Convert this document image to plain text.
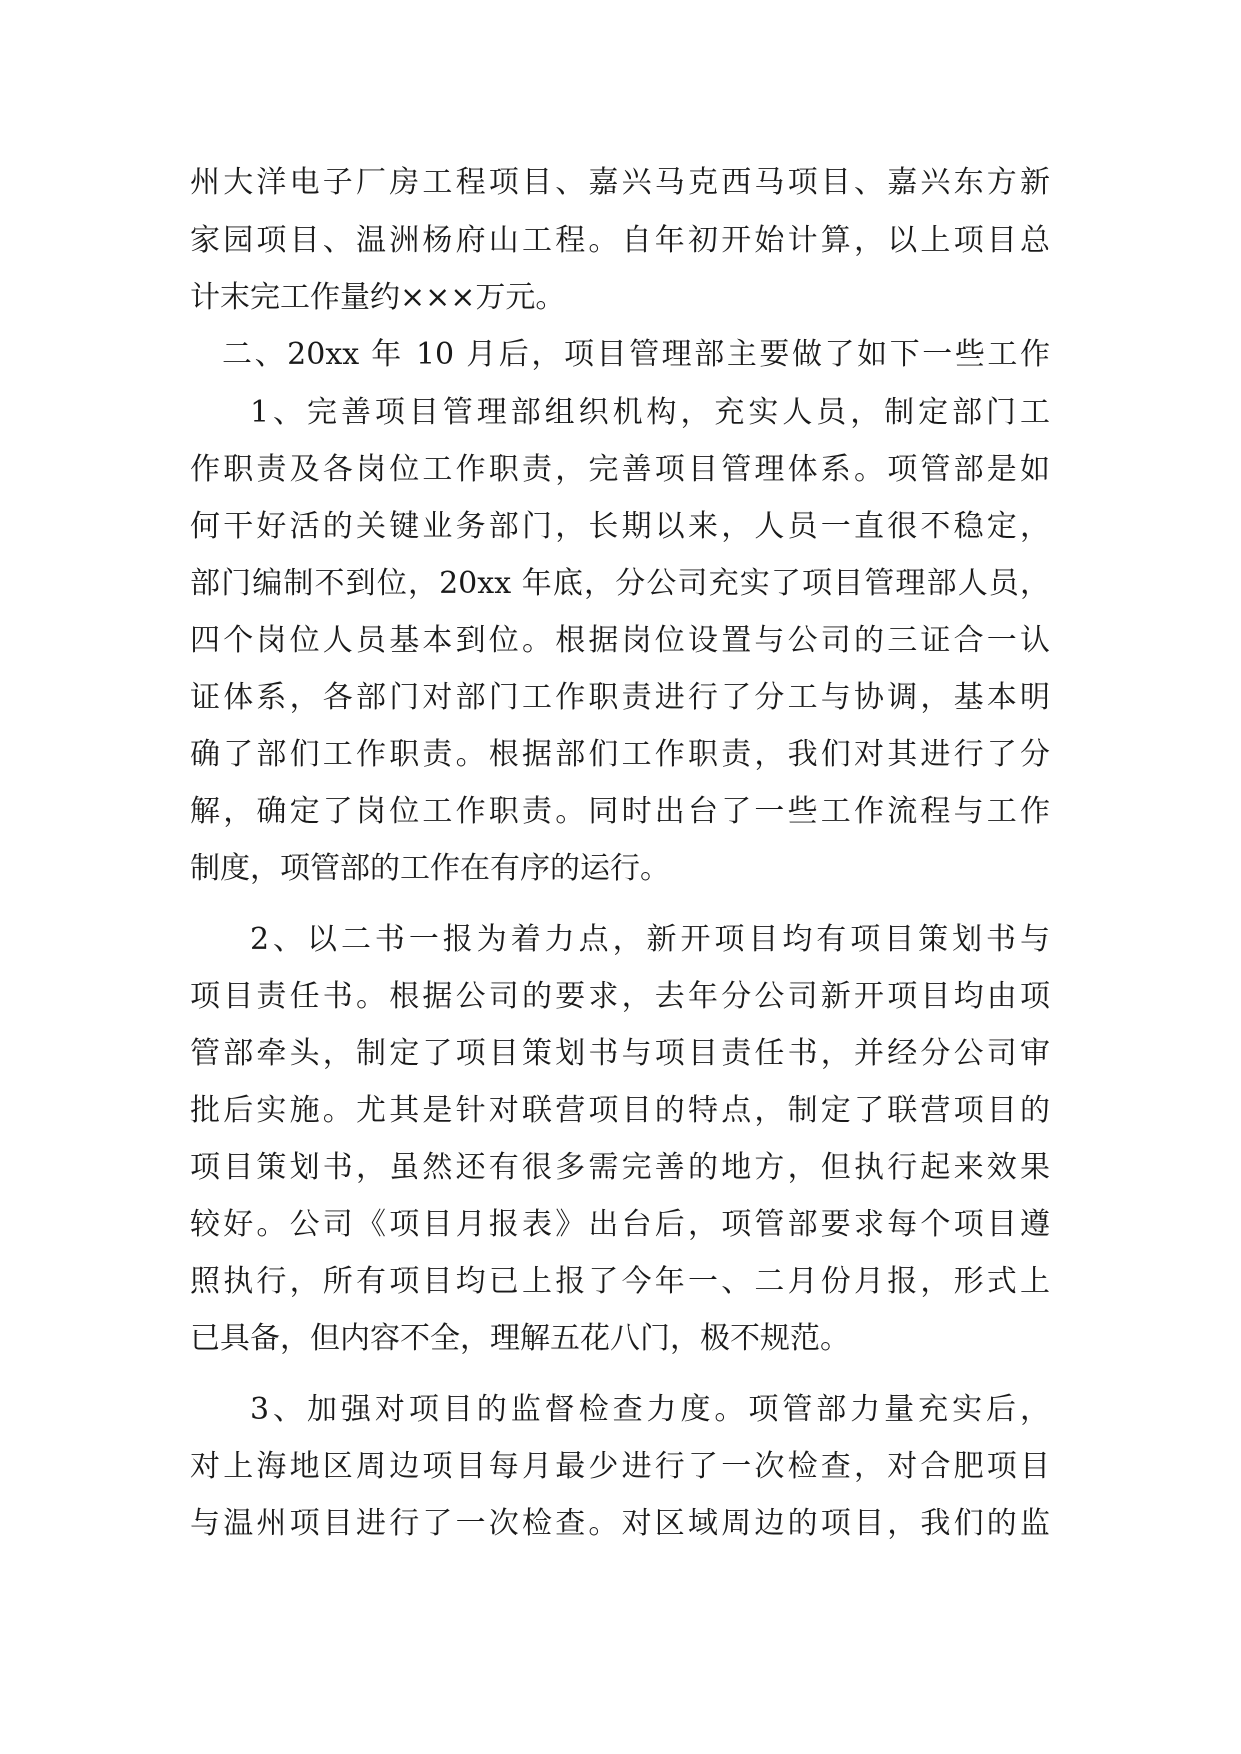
州大洋电子厂房工程项目、嘉兴马克西马项目、嘉兴东方新
家园项目、温洲杨府山工程。自年初开始计算，以上项目总
计末完工作量约×××万元。
二、20xx 年 10 月后，项目管理部主要做了如下一些工作
1、完善项目管理部组织机构，充实人员，制定部门工
作职责及各岗位工作职责，完善项目管理体系。项管部是如
何干好活的关键业务部门，长期以来，人员一直很不稳定，
部门编制不到位，20xx 年底，分公司充实了项目管理部人员，
四个岗位人员基本到位。根据岗位设置与公司的三证合一认
证体系，各部门对部门工作职责进行了分工与协调，基本明
确了部们工作职责。根据部们工作职责，我们对其进行了分
解，确定了岗位工作职责。同时出台了一些工作流程与工作
制度，项管部的工作在有序的运行。
2、以二书一报为着力点，新开项目均有项目策划书与
项目责任书。根据公司的要求，去年分公司新开项目均由项
管部牵头，制定了项目策划书与项目责任书，并经分公司审
批后实施。尤其是针对联营项目的特点，制定了联营项目的
项目策划书，虽然还有很多需完善的地方，但执行起来效果
较好。公司《项目月报表》出台后，项管部要求每个项目遵
照执行，所有项目均已上报了今年一、二月份月报，形式上
已具备，但内容不全，理解五花八门，极不规范。
3、加强对项目的监督检查力度。项管部力量充实后，
对上海地区周边项目每月最少进行了一次检查，对合肥项目
与温州项目进行了一次检查。对区域周边的项目，我们的监
